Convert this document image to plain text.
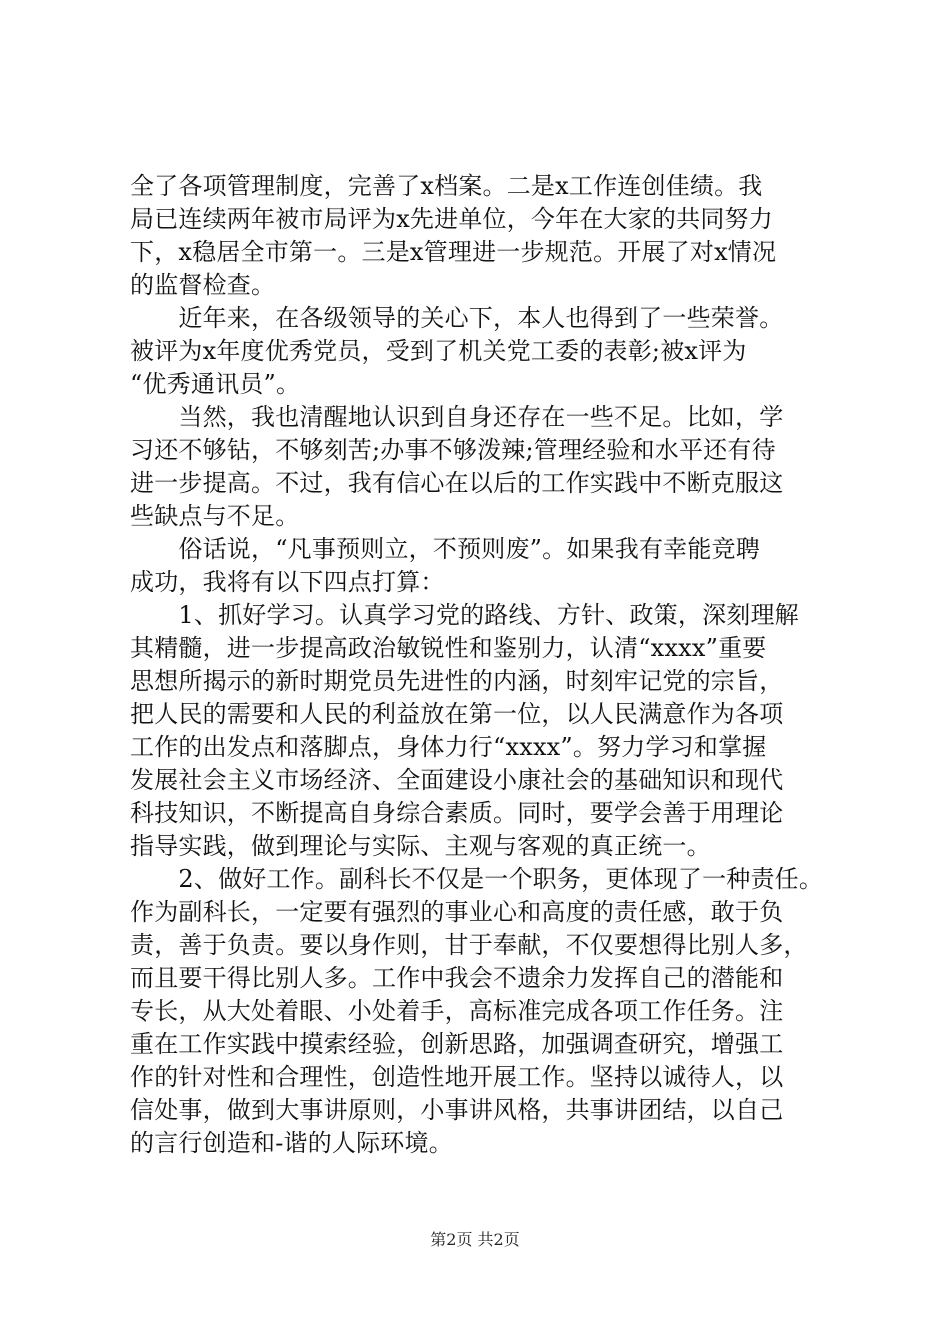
全了各项管理制度，完善了x档案。二是x工作连创佳绩。我
局已连续两年被市局评为x先进单位，今年在大家的共同努力
下，x稳居全市第一。三是x管理进一步规范。开展了对x情况
的监督检查。
　　近年来，在各级领导的关心下，本人也得到了一些荣誉。
被评为x年度优秀党员，受到了机关党工委的表彰;被x评为
“优秀通讯员”。
　　当然，我也清醒地认识到自身还存在一些不足。比如，学
习还不够钻，不够刻苦;办事不够泼辣;管理经验和水平还有待
进一步提高。不过，我有信心在以后的工作实践中不断克服这
些缺点与不足。
　　俗话说，“凡事预则立，不预则废”。如果我有幸能竞聘
成功，我将有以下四点打算：
　　1、抓好学习。认真学习党的路线、方针、政策，深刻理解
其精髓，进一步提高政治敏锐性和鉴别力，认清“xxxx”重要
思想所揭示的新时期党员先进性的内涵，时刻牢记党的宗旨，
把人民的需要和人民的利益放在第一位，以人民满意作为各项
工作的出发点和落脚点，身体力行“xxxx”。努力学习和掌握
发展社会主义市场经济、全面建设小康社会的基础知识和现代
科技知识，不断提高自身综合素质。同时，要学会善于用理论
指导实践，做到理论与实际、主观与客观的真正统一。
　　2、做好工作。副科长不仅是一个职务，更体现了一种责任。
作为副科长，一定要有强烈的事业心和高度的责任感，敢于负
责，善于负责。要以身作则，甘于奉献，不仅要想得比别人多，
而且要干得比别人多。工作中我会不遗余力发挥自己的潜能和
专长，从大处着眼、小处着手，高标准完成各项工作任务。注
重在工作实践中摸索经验，创新思路，加强调查研究，增强工
作的针对性和合理性，创造性地开展工作。坚持以诚待人，以
信处事，做到大事讲原则，小事讲风格，共事讲团结，以自己
的言行创造和-谐的人际环境。
第2页 共2页
